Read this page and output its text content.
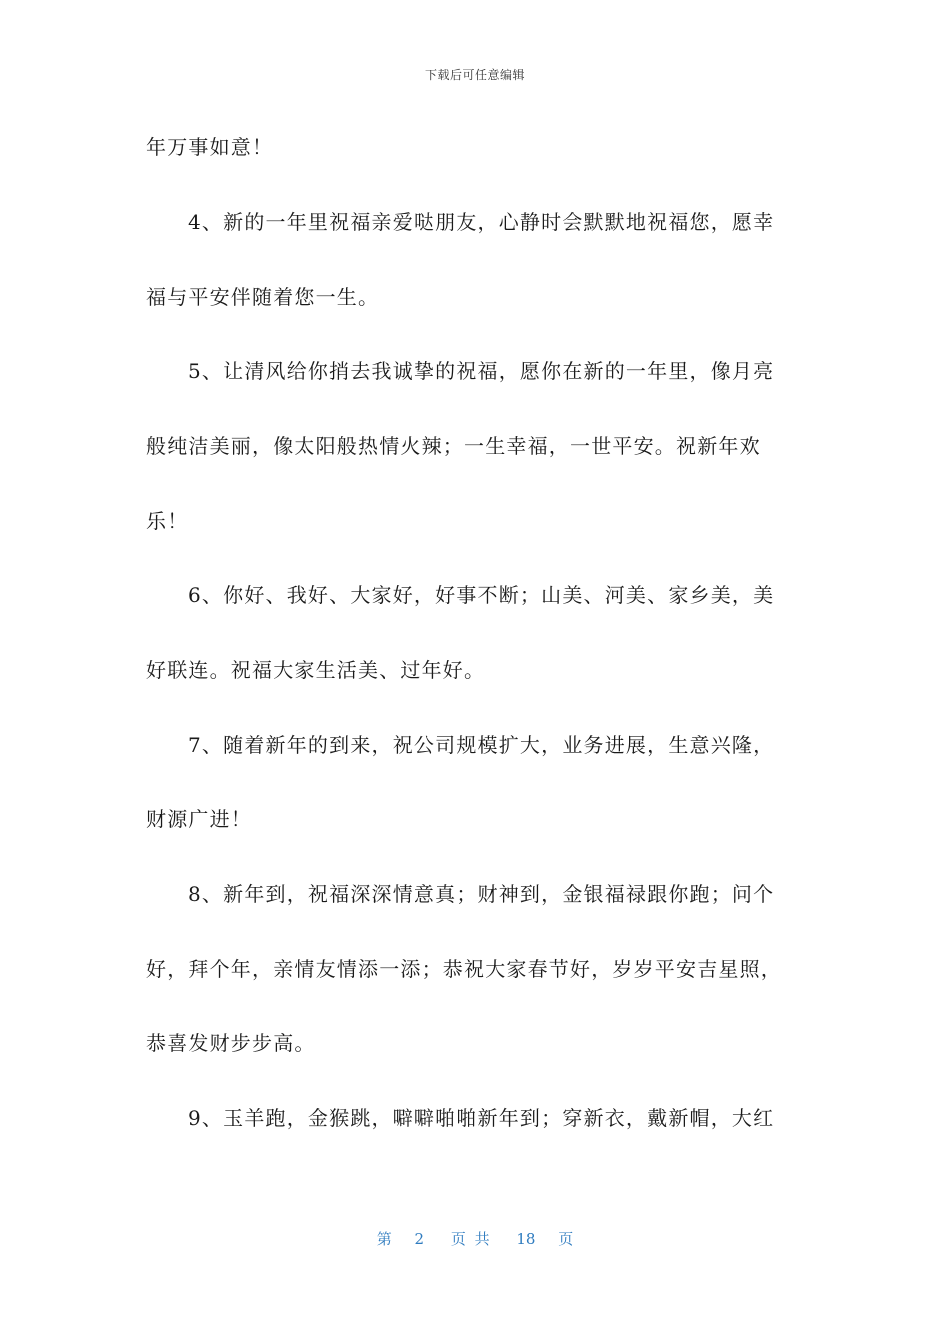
下载后可任意编辑
年万事如意！
4、新的一年里祝福亲爱哒朋友，心静时会默默地祝福您，愿幸
福与平安伴随着您一生。
5、让清风给你捎去我诚挚的祝福，愿你在新的一年里，像月亮
般纯洁美丽，像太阳般热情火辣；一生幸福，一世平安。祝新年欢
乐！
6、你好、我好、大家好，好事不断；山美、河美、家乡美，美
好联连。祝福大家生活美、过年好。
7、随着新年的到来，祝公司规模扩大，业务进展，生意兴隆，
财源广进！
8、新年到，祝福深深情意真；财神到，金银福禄跟你跑；问个
好，拜个年，亲情友情添一添；恭祝大家春节好，岁岁平安吉星照，
恭喜发财步步高。
9、玉羊跑，金猴跳，噼噼啪啪新年到；穿新衣，戴新帽，大红
第 2 页 共 18 页
